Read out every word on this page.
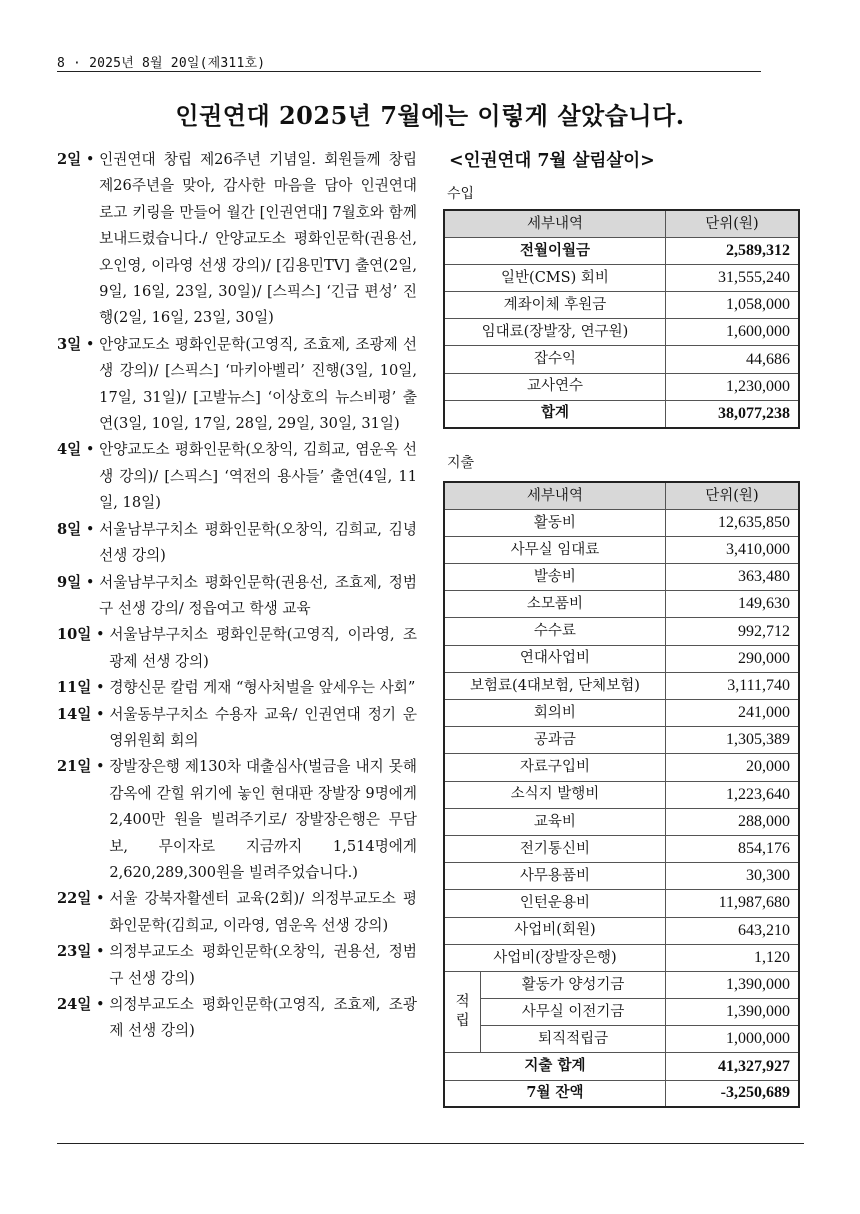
8 · 2025년 8월 20일(제311호)
인권연대 2025년 7월에는 이렇게 살았습니다.
2일 • 인권연대 창립 제26주년 기념일. 회원들께 창립 제26주년을 맞아, 감사한 마음을 담아 인권연대 로고 키링을 만들어 월간 [인권연대] 7월호와 함께 보내드렸습니다./ 안양교도소 평화인문학(권용선, 오인영, 이라영 선생 강의)/ [김용민TV] 출연(2일, 9일, 16일, 23일, 30일)/ [스픽스] ‘긴급 편성’ 진행(2일, 16일, 23일, 30일)
3일 • 안양교도소 평화인문학(고영직, 조효제, 조광제 선생 강의)/ [스픽스] ‘마키아벨리’ 진행(3일, 10일, 17일, 31일)/ [고발뉴스] ‘이상호의 뉴스비평’ 출연(3일, 10일, 17일, 28일, 29일, 30일, 31일)
4일 • 안양교도소 평화인문학(오창익, 김희교, 염운옥 선생 강의)/ [스픽스] ‘역전의 용사들’ 출연(4일, 11일, 18일)
8일 • 서울남부구치소 평화인문학(오창익, 김희교, 김녕 선생 강의)
9일 • 서울남부구치소 평화인문학(권용선, 조효제, 정범구 선생 강의/ 정읍여고 학생 교육
10일 • 서울남부구치소 평화인문학(고영직, 이라영, 조광제 선생 강의)
11일 • 경향신문 칼럼 게재 “형사처벌을 앞세우는 사회”
14일 • 서울동부구치소 수용자 교육/ 인권연대 정기 운영위원회 회의
21일 • 장발장은행 제130차 대출심사(벌금을 내지 못해 감옥에 갇힐 위기에 놓인 현대판 장발장 9명에게 2,400만 원을 빌려주기로/ 장발장은행은 무담보, 무이자로 지금까지 1,514명에게 2,620,289,300원을 빌려주었습니다.)
22일 • 서울 강북자활센터 교육(2회)/ 의정부교도소 평화인문학(김희교, 이라영, 염운옥 선생 강의)
23일 • 의정부교도소 평화인문학(오창익, 권용선, 정범구 선생 강의)
24일 • 의정부교도소 평화인문학(고영직, 조효제, 조광제 선생 강의)
<인권연대 7월 살림살이>
수입
세부내역	단위(원)
전월이월금	2,589,312
일반(CMS) 회비	31,555,240
계좌이체 후원금	1,058,000
임대료(장발장, 연구원)	1,600,000
잡수익	44,686
교사연수	1,230,000
합계	38,077,238
지출
세부내역		단위(원)
활동비		12,635,850
사무실 임대료		3,410,000
발송비		363,480
소모품비		149,630
수수료		992,712
연대사업비		290,000
보험료(4대보험, 단체보험)		3,111,740
회의비		241,000
공과금		1,305,389
자료구입비		20,000
소식지 발행비		1,223,640
교육비		288,000
전기통신비		854,176
사무용품비		30,300
인턴운용비		11,987,680
사업비(회원)		643,210
사업비(장발장은행)		1,120
적
립	활동가 양성기금	1,390,000
	사무실 이전기금	1,390,000
	퇴직적립금	1,000,000
지출 합계		41,327,927
7월 잔액		-3,250,689
